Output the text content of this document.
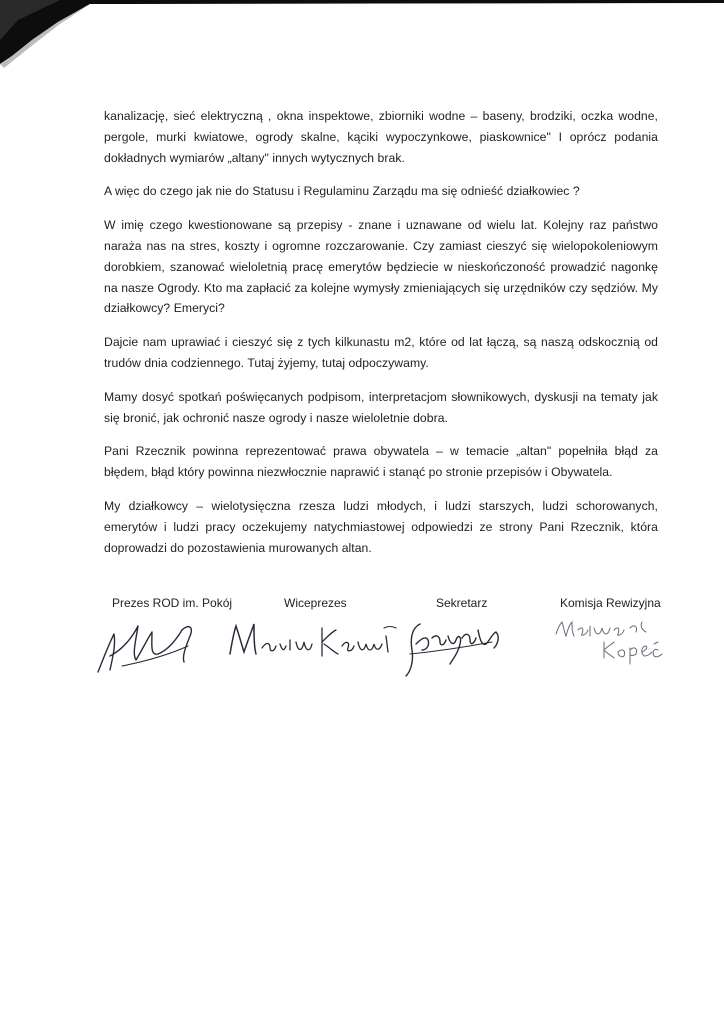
kanalizację, sieć elektryczną , okna inspektowe, zbiorniki wodne – baseny, brodziki, oczka wodne, pergole, murki kwiatowe, ogrody skalne, kąciki wypoczynkowe, piaskownice" I oprócz podania dokładnych wymiarów „altany" innych wytycznych brak.

A więc do czego jak nie do Statusu i Regulaminu Zarządu ma się odnieść działkowiec ?

W imię czego kwestionowane są przepisy - znane i uznawane od wielu lat. Kolejny raz państwo naraża nas na stres, koszty i ogromne rozczarowanie. Czy zamiast cieszyć się wielopokoleniowym dorobkiem, szanować wieloletnią pracę emerytów będziecie w nieskończoność prowadzić nagonkę na nasze Ogrody. Kto ma zapłacić za kolejne wymysły zmieniających się urzędników czy sędziów. My działkowcy? Emeryci?

Dajcie nam uprawiać i cieszyć się z tych kilkunastu m2, które od lat łączą, są naszą odskocznią od trudów dnia codziennego. Tutaj żyjemy, tutaj odpoczywamy.

Mamy dosyć spotkań poświęcanych podpisom, interpretacjom słownikowych, dyskusji na tematy jak się bronić, jak ochronić nasze ogrody i nasze wieloletnie dobra.

Pani Rzecznik powinna reprezentować prawa obywatela – w temacie „altan" popełniła błąd za błędem, błąd który powinna niezwłocznie naprawić i stanąć po stronie przepisów i Obywatela.

My działkowcy – wielotysięczna rzesza ludzi młodych, i ludzi starszych, ludzi schorowanych, emerytów i ludzi pracy oczekujemy natychmiastowej odpowiedzi ze strony Pani Rzecznik, która doprowadzi do pozostawienia murowanych altan.

Prezes ROD im. Pokój	Wiceprezes	Sekretarz	Komisja Rewizyjna
